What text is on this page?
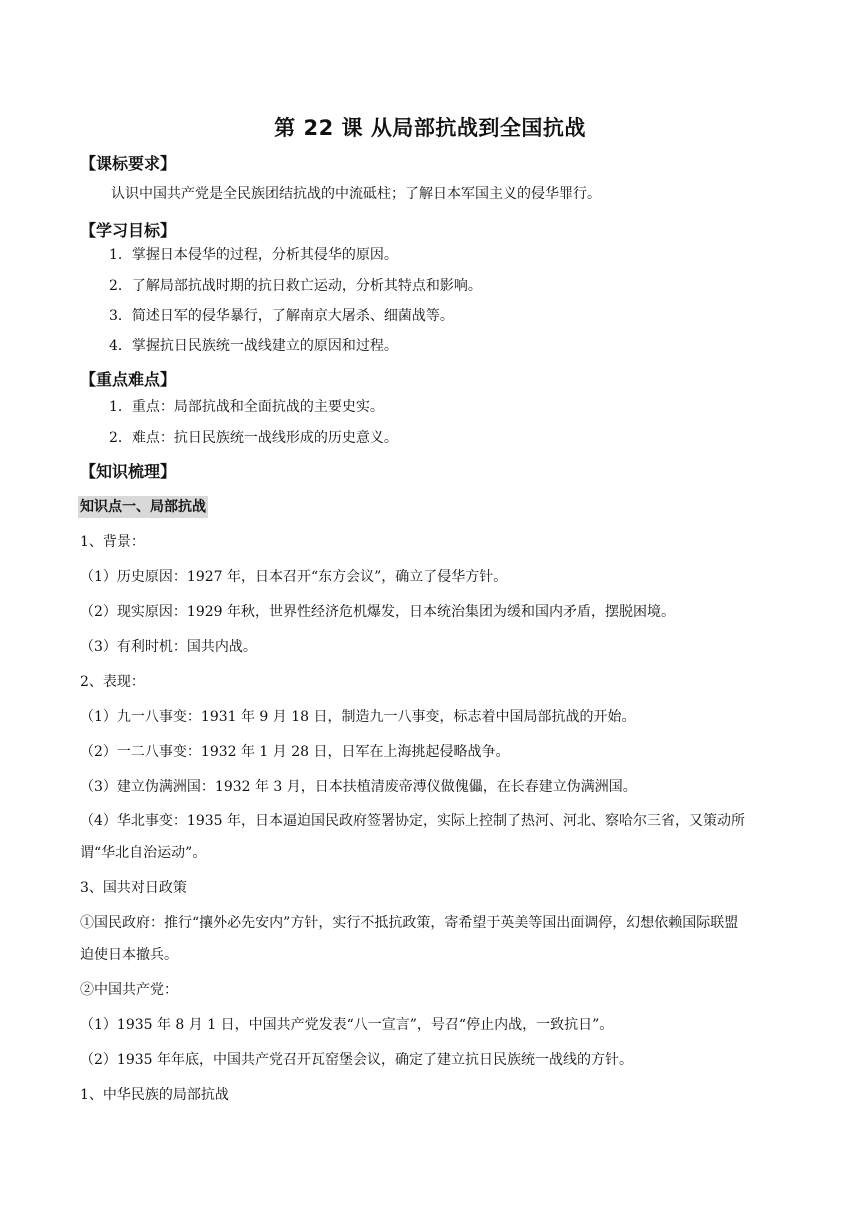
第 22 课 从局部抗战到全国抗战
【课标要求】
认识中国共产党是全民族团结抗战的中流砥柱；了解日本军国主义的侵华罪行。
【学习目标】
1．掌握日本侵华的过程，分析其侵华的原因。
2．了解局部抗战时期的抗日救亡运动，分析其特点和影响。
3．简述日军的侵华暴行，了解南京大屠杀、细菌战等。
4．掌握抗日民族统一战线建立的原因和过程。
【重点难点】
1．重点：局部抗战和全面抗战的主要史实。
2．难点：抗日民族统一战线形成的历史意义。
【知识梳理】
知识点一、局部抗战
1、背景：
（1）历史原因：1927 年，日本召开“东方会议”，确立了侵华方针。
（2）现实原因：1929 年秋，世界性经济危机爆发，日本统治集团为缓和国内矛盾，摆脱困境。
（3）有利时机：国共内战。
2、表现：
（1）九一八事变：1931 年 9 月 18 日，制造九一八事变，标志着中国局部抗战的开始。
（2）一二八事变：1932 年 1 月 28 日，日军在上海挑起侵略战争。
（3）建立伪满洲国：1932 年 3 月，日本扶植清废帝溥仪做傀儡，在长春建立伪满洲国。
（4）华北事变：1935 年，日本逼迫国民政府签署协定，实际上控制了热河、河北、察哈尔三省，又策动所
谓“华北自治运动”。
3、国共对日政策
①国民政府：推行“攘外必先安内”方针，实行不抵抗政策，寄希望于英美等国出面调停，幻想依赖国际联盟
迫使日本撤兵。
②中国共产党：
（1）1935 年 8 月 1 日，中国共产党发表“八一宣言”，号召“停止内战，一致抗日”。
（2）1935 年年底，中国共产党召开瓦窑堡会议，确定了建立抗日民族统一战线的方针。
1、中华民族的局部抗战
